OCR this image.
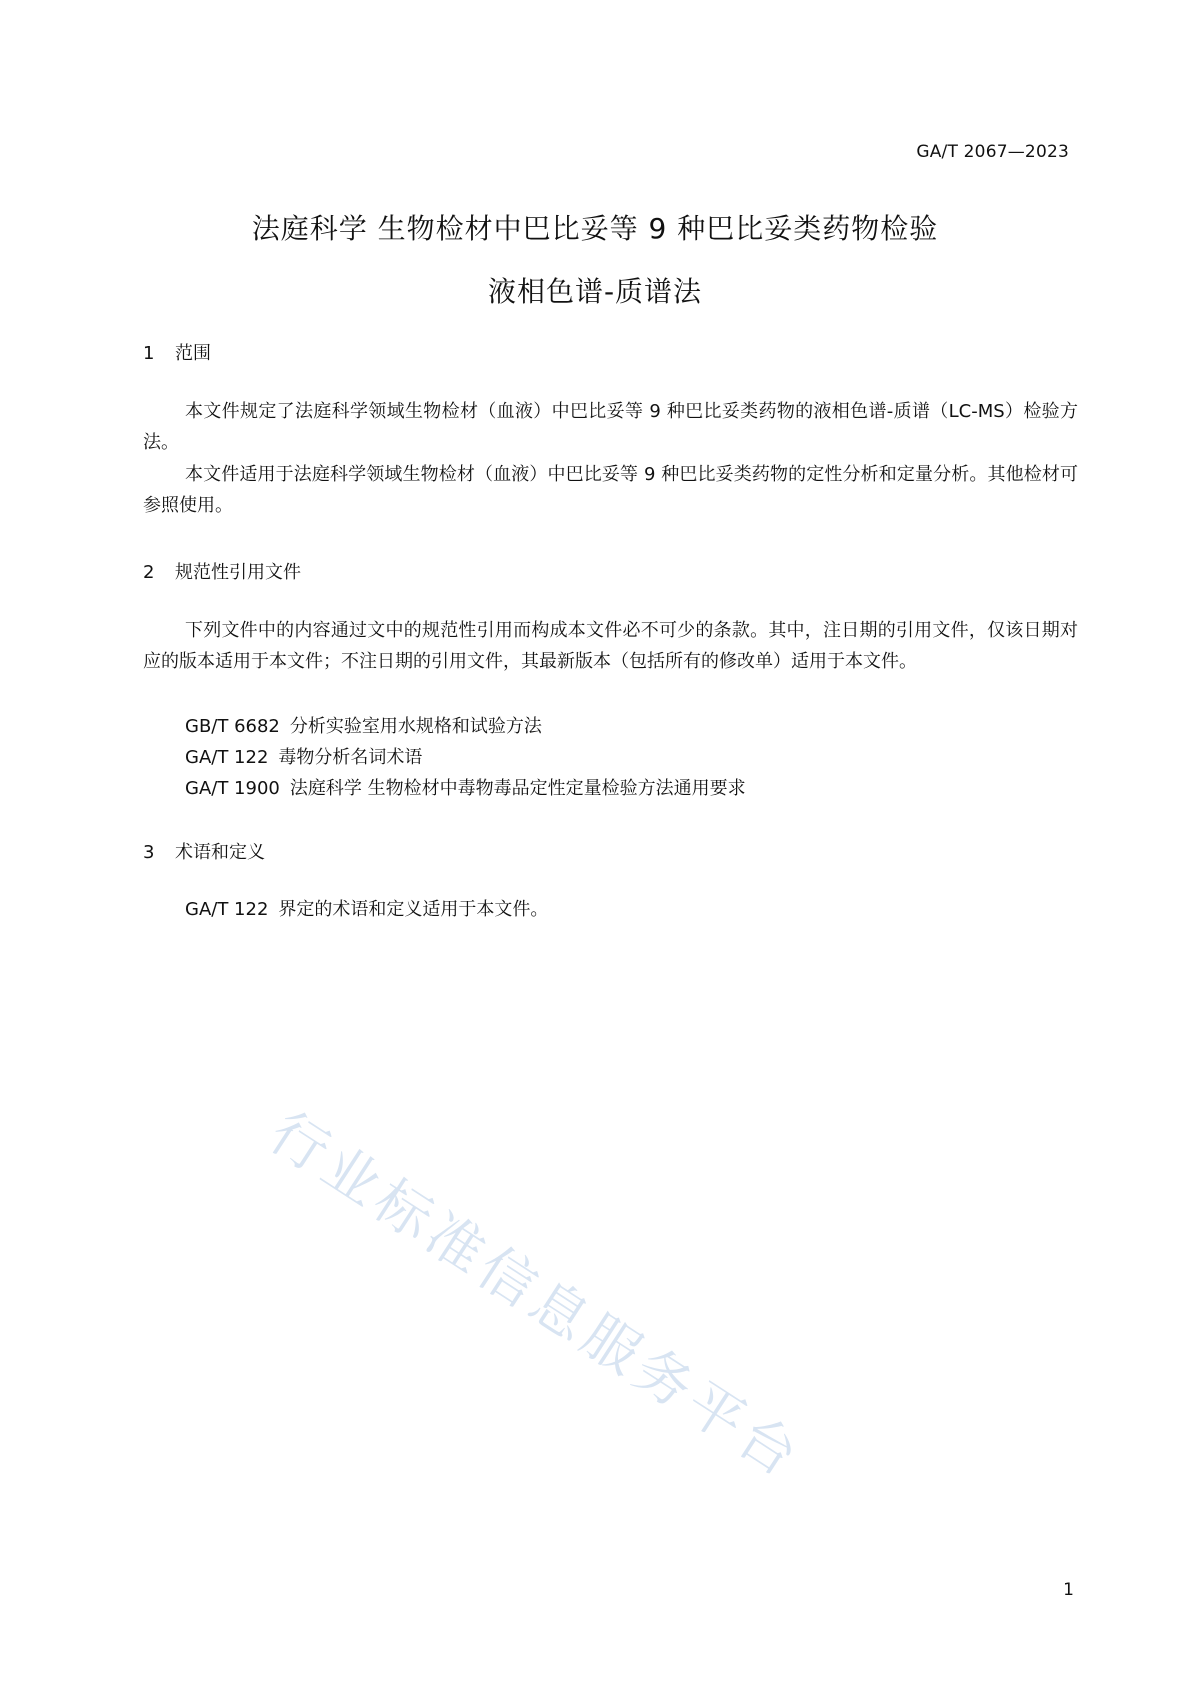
GA/T 2067—2023
法庭科学 生物检材中巴比妥等 9 种巴比妥类药物检验
液相色谱-质谱法
1	范围
本文件规定了法庭科学领域生物检材（血液）中巴比妥等 9 种巴比妥类药物的液相色谱-质谱（LC-MS）检验方法。
本文件适用于法庭科学领域生物检材（血液）中巴比妥等 9 种巴比妥类药物的定性分析和定量分析。其他检材可参照使用。
2	规范性引用文件
下列文件中的内容通过文中的规范性引用而构成本文件必不可少的条款。其中，注日期的引用文件，仅该日期对应的版本适用于本文件；不注日期的引用文件，其最新版本（包括所有的修改单）适用于本文件。
GB/T 6682 分析实验室用水规格和试验方法
GA/T 122 毒物分析名词术语
GA/T 1900 法庭科学 生物检材中毒物毒品定性定量检验方法通用要求
3	术语和定义
GA/T 122 界定的术语和定义适用于本文件。
行业标准信息服务平台
1
